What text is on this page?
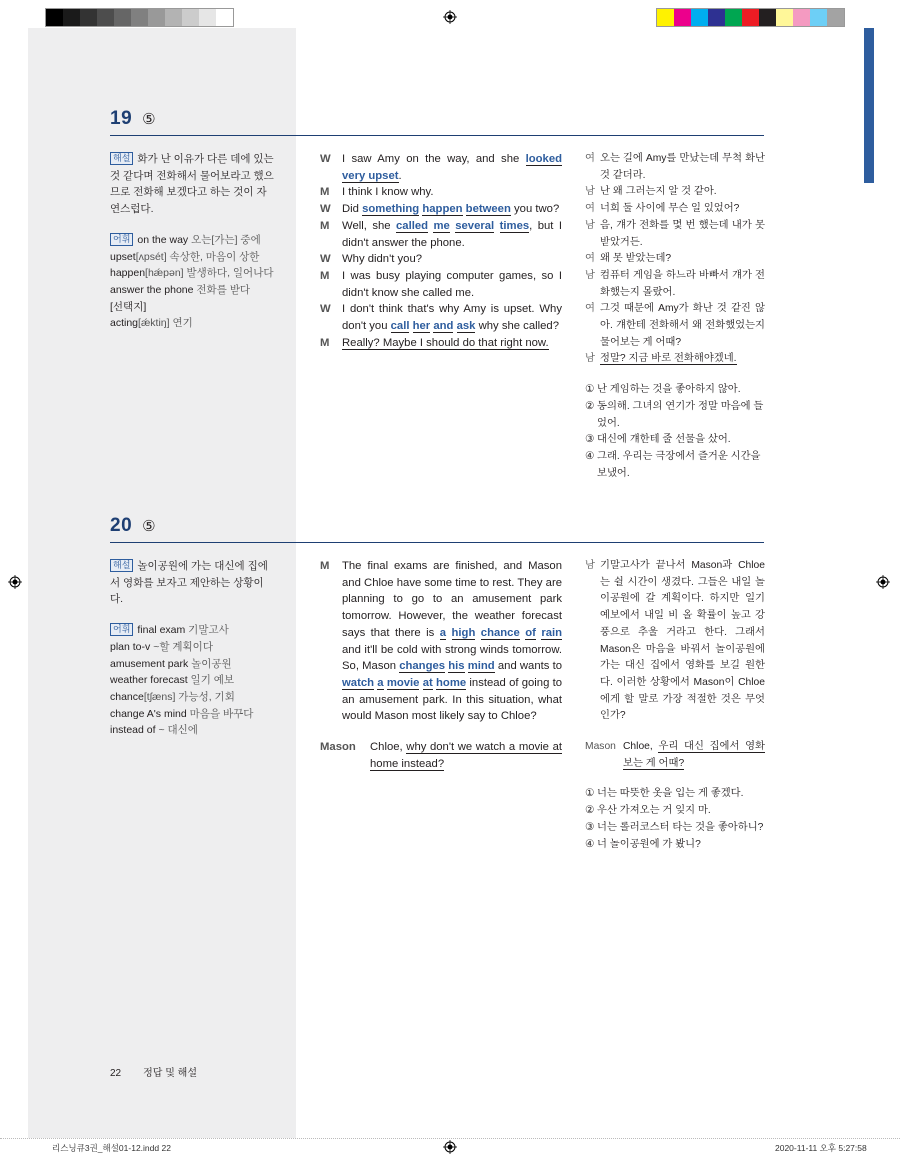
19 ⑤
해설 화가 난 이유가 다른 데에 있는 것 같다며 전화해서 물어보라고 했으므로 전화해 보겠다고 하는 것이 자연스럽다.
어휘 on the way 오는[가는] 중에
upset[ʌpsét] 속상한, 마음이 상한
happen[hǽpən] 발생하다, 일어나다
answer the phone 전화를 받다
[선택지]
acting[ǽktiŋ] 연기
W	I saw Amy on the way, and she looked very upset.
M	I think I know why.
W	Did something happen between you two?
M	Well, she called me several times, but I didn't answer the phone.
W	Why didn't you?
M	I was busy playing computer games, so I didn't know she called me.
W	I don't think that's why Amy is upset. Why don't you call her and ask why she called?
M	Really? Maybe I should do that right now.
여 오는 길에 Amy를 만났는데 무척 화난 것 같더라.
남 난 왜 그러는지 알 것 같아.
여 너희 둘 사이에 무슨 일 있었어?
남 음, 걔가 전화를 몇 번 했는데 내가 못 받았거든.
여 왜 못 받았는데?
남 컴퓨터 게임을 하느라 바빠서 걔가 전화했는지 몰랐어.
여 그것 때문에 Amy가 화난 것 같진 않아. 걔한테 전화해서 왜 전화했었는지 물어보는 게 어때?
남 정말? 지금 바로 전화해야겠네.
① 난 게임하는 것을 좋아하지 않아.
② 동의해. 그녀의 연기가 정말 마음에 들었어.
③ 대신에 걔한테 줄 선물을 샀어.
④ 그래. 우리는 극장에서 즐거운 시간을 보냈어.
20 ⑤
해설 놀이공원에 가는 대신에 집에서 영화를 보자고 제안하는 상황이다.
어휘 final exam 기말고사
plan to-v ~할 계획이다
amusement park 놀이공원
weather forecast 일기 예보
chance[tʃæns] 가능성, 기회
change A's mind 마음을 바꾸다
instead of ~ 대신에
M	The final exams are finished, and Mason and Chloe have some time to rest. They are planning to go to an amusement park tomorrow. However, the weather forecast says that there is a high chance of rain and it'll be cold with strong winds tomorrow. So, Mason changes his mind and wants to watch a movie at home instead of going to an amusement park. In this situation, what would Mason most likely say to Chloe?
Mason	Chloe, why don't we watch a movie at home instead?
남 기말고사가 끝나서 Mason과 Chloe는 쉴 시간이 생겼다. 그들은 내일 놀이공원에 갈 계획이다. 하지만 일기 예보에서 내일 비 올 확률이 높고 강풍으로 추울 거라고 한다. 그래서 Mason은 마음을 바꿔서 놀이공원에 가는 대신 집에서 영화를 보길 원한다. 이러한 상황에서 Mason이 Chloe에게 할 말로 가장 적절한 것은 무엇인가?
Mason Chloe, 우리 대신 집에서 영화 보는 게 어때?
① 너는 따뜻한 옷을 입는 게 좋겠다.
② 우산 가져오는 거 잊지 마.
③ 너는 롤러코스터 타는 것을 좋아하니?
④ 너 놀이공원에 가 봤니?
22 정답 및 해설
리스닝큐3권_해설01-12.indd 22	2020-11-11 오후 5:27:58
